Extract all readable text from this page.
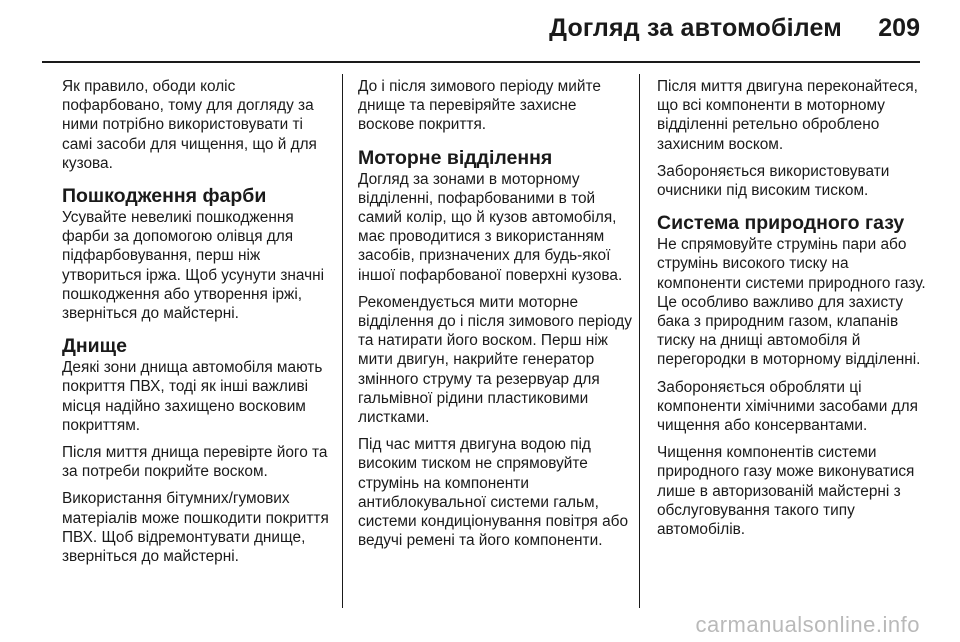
Догляд за автомобілем 209
Як правило, ободи коліс пофарбовано, тому для догляду за ними потрібно використовувати ті самі засоби для чищення, що й для кузова.
Пошкодження фарби
Усувайте невеликі пошкодження фарби за допомогою олівця для підфарбовування, перш ніж утвориться іржа. Щоб усунути значні пошкодження або утворення іржі, зверніться до майстерні.
Днище
Деякі зони днища автомобіля мають покриття ПВХ, тоді як інші важливі місця надійно захищено восковим покриттям.
Після миття днища перевірте його та за потреби покрийте воском.
Використання бітумних/гумових матеріалів може пошкодити покриття ПВХ. Щоб відремонтувати днище, зверніться до майстерні.
До і після зимового періоду мийте днище та перевіряйте захисне воскове покриття.
Моторне відділення
Догляд за зонами в моторному відділенні, пофарбованими в той самий колір, що й кузов автомобіля, має проводитися з використанням засобів, призначених для будь-якої іншої пофарбованої поверхні кузова.
Рекомендується мити моторне відділення до і після зимового періоду та натирати його воском. Перш ніж мити двигун, накрийте генератор змінного струму та резервуар для гальмівної рідини пластиковими листками.
Під час миття двигуна водою під високим тиском не спрямовуйте струмінь на компоненти антиблокувальної системи гальм, системи кондиціонування повітря або ведучі ремені та його компоненти.
Після миття двигуна переконайтеся, що всі компоненти в моторному відділенні ретельно оброблено захисним воском.
Забороняється використовувати очисники під високим тиском.
Система природного газу
Не спрямовуйте струмінь пари або струмінь високого тиску на компоненти системи природного газу. Це особливо важливо для захисту бака з природним газом, клапанів тиску на днищі автомобіля й перегородки в моторному відділенні.
Забороняється обробляти ці компоненти хімічними засобами для чищення або консервантами.
Чищення компонентів системи природного газу може виконуватися лише в авторизованій майстерні з обслуговування такого типу автомобілів.
carmanualsonline.info
